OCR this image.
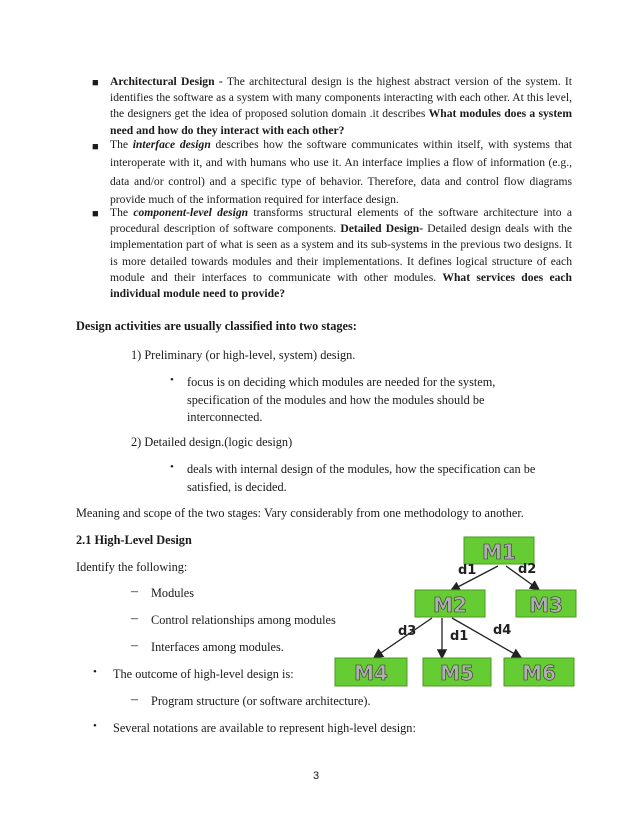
■ Architectural Design - The architectural design is the highest abstract version of the system. It identifies the software as a system with many components interacting with each other. At this level, the designers get the idea of proposed solution domain .it describes What modules does a system need and how do they interact with each other?
■ The interface design describes how the software communicates within itself, with systems that interoperate with it, and with humans who use it. An interface implies a flow of information (e.g., data and/or control) and a specific type of behavior. Therefore, data and control flow diagrams provide much of the information required for interface design.
■ The component-level design transforms structural elements of the software architecture into a procedural description of software components. Detailed Design- Detailed design deals with the implementation part of what is seen as a system and its sub-systems in the previous two designs. It is more detailed towards modules and their implementations. It defines logical structure of each module and their interfaces to communicate with other modules. What services does each individual module need to provide?
Design activities are usually classified into two stages:
1) Preliminary (or high-level, system) design.
• focus is on deciding which modules are needed for the system,
specification of the modules and how the modules should be
interconnected.
2) Detailed design.(logic design)
• deals with internal design of the modules, how the specification can be
satisfied, is decided.
Meaning and scope of the two stages: Vary considerably from one methodology to another.
2.1 High-Level Design
Identify the following:
– Modules
– Control relationships among modules
– Interfaces among modules.
• The outcome of high-level design is:
– Program structure (or software architecture).
• Several notations are available to represent high-level design:
M1
M2	M3
M4	M5 M6
d1	d2
d3	d1 d4
3
